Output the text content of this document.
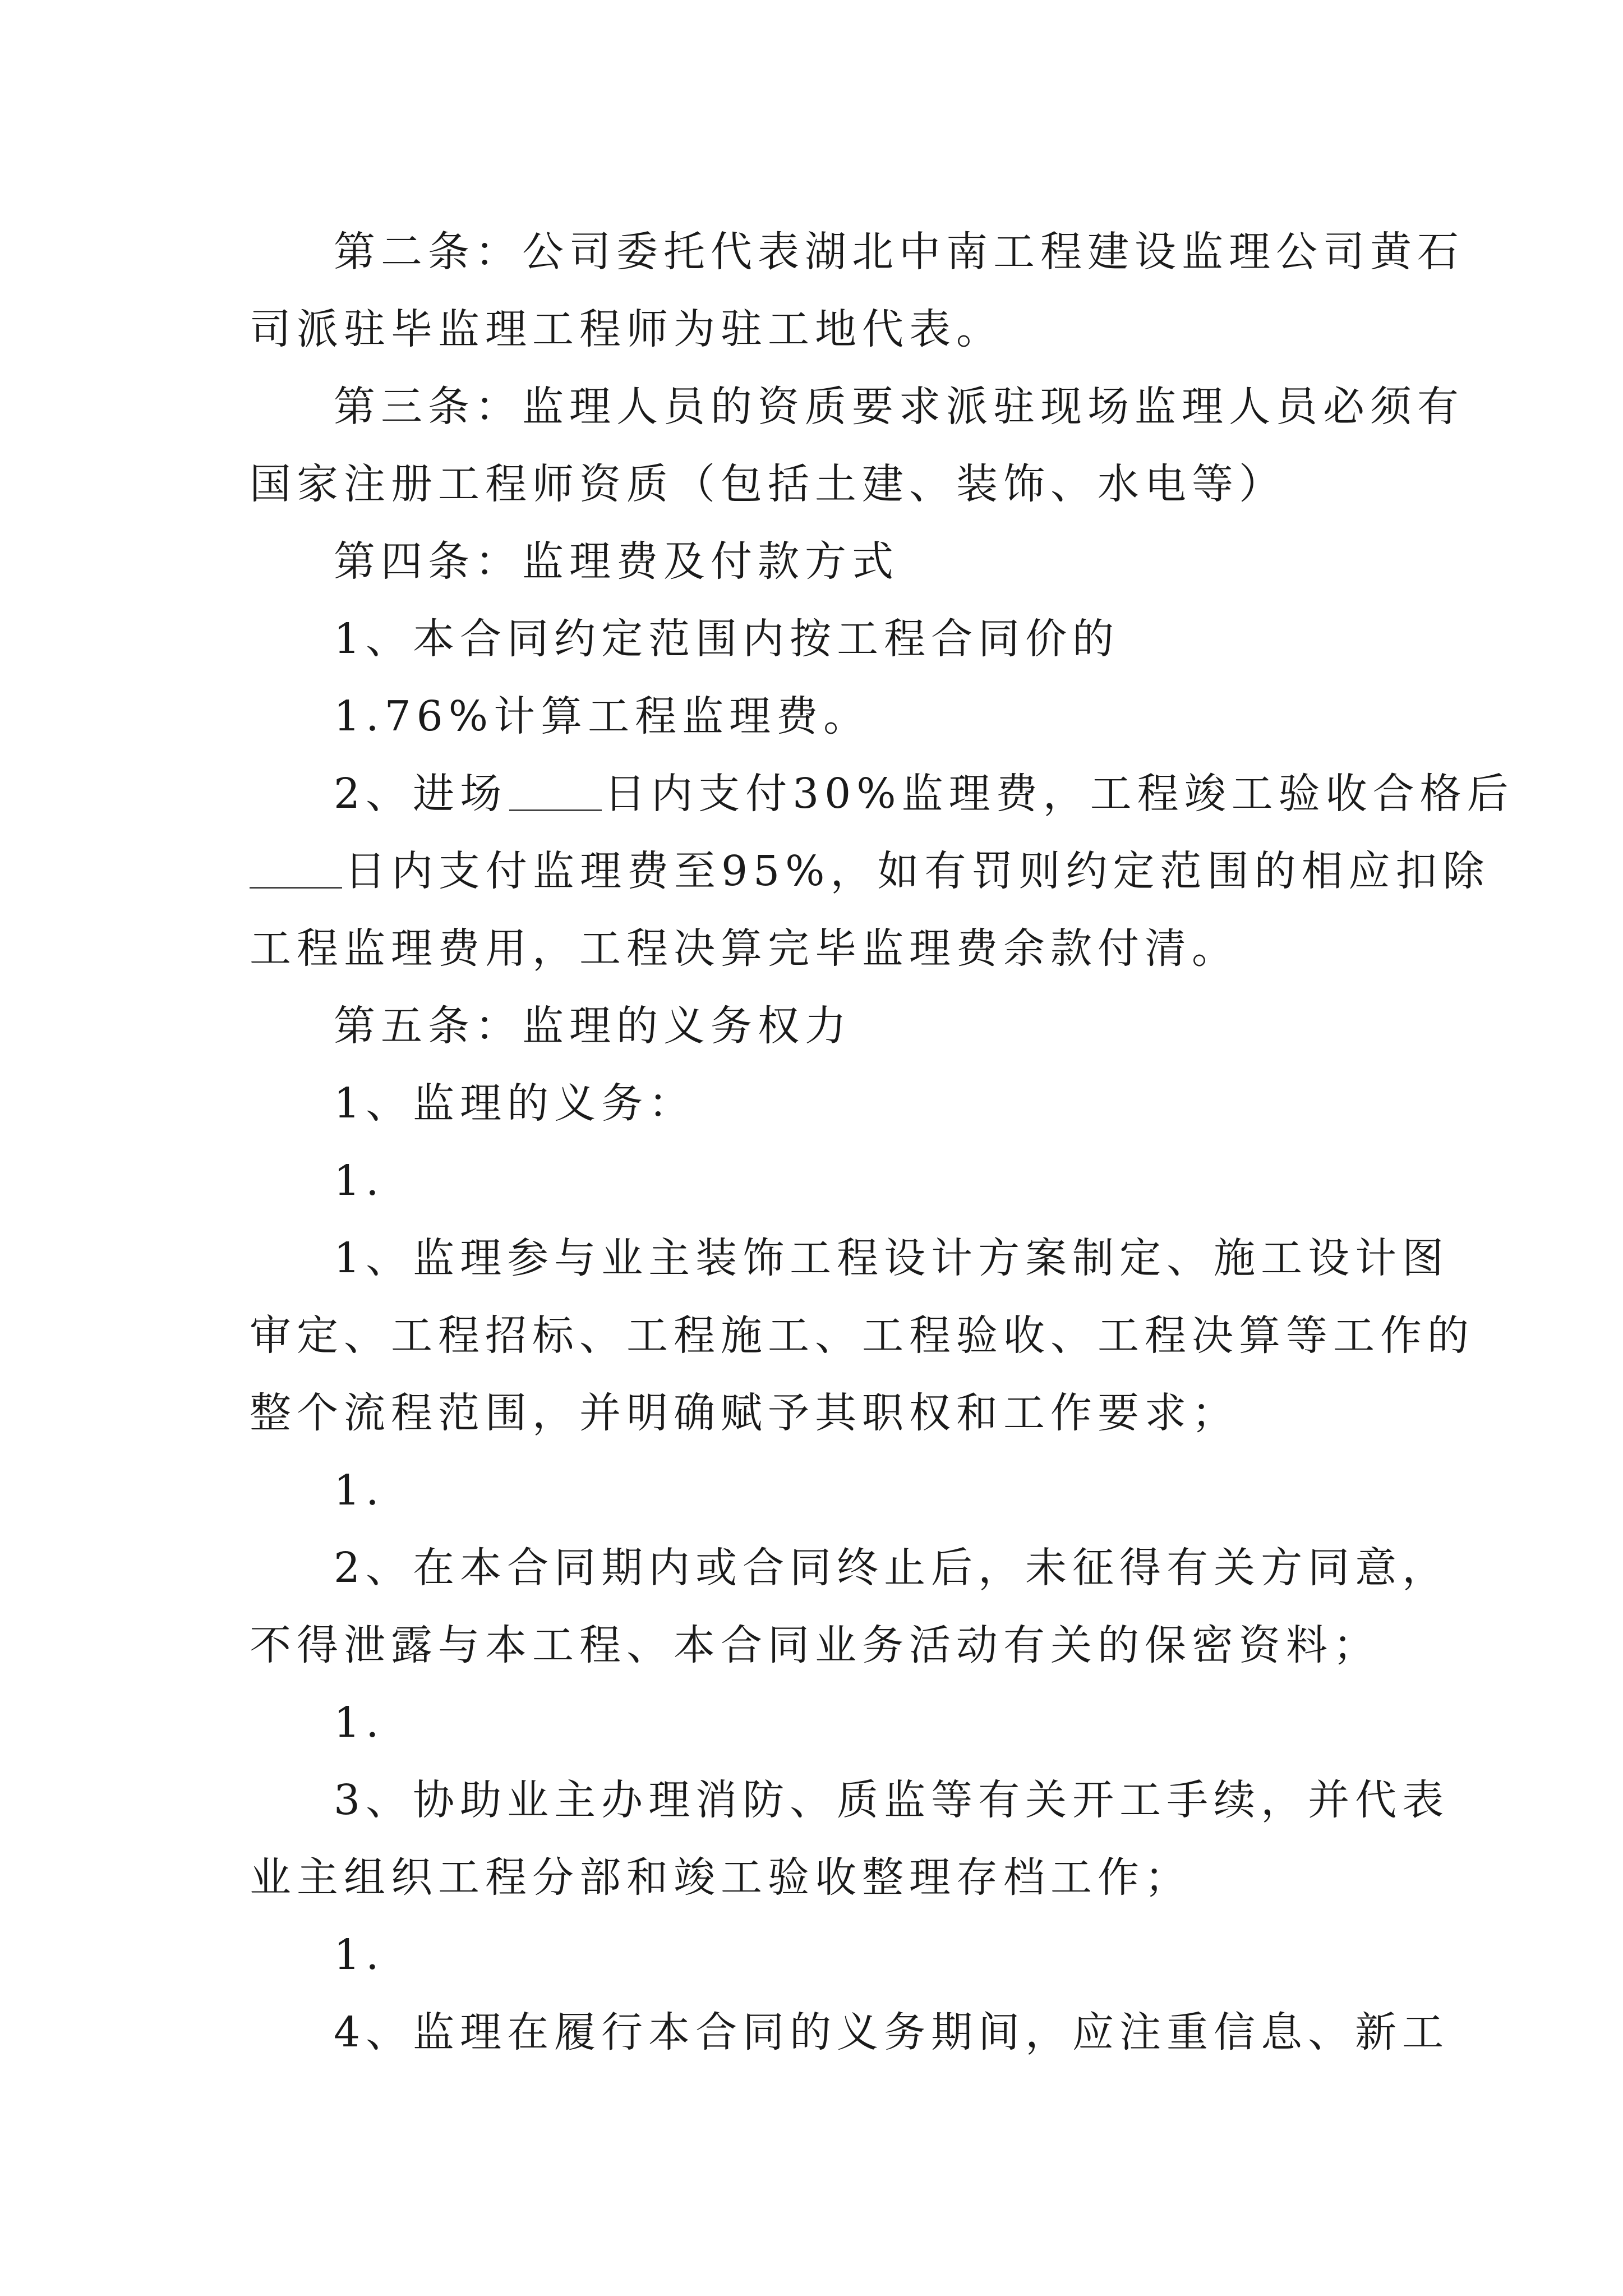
第二条：公司委托代表湖北中南工程建设监理公司黄石
司派驻毕监理工程师为驻工地代表。
第三条：监理人员的资质要求派驻现场监理人员必须有
国家注册工程师资质（包括土建、装饰、水电等）
第四条：监理费及付款方式
1、本合同约定范围内按工程合同价的
1.76%计算工程监理费。
2、进场 日内支付30%监理费，工程竣工验收合格后
日内支付监理费至95%，如有罚则约定范围的相应扣除
工程监理费用，工程决算完毕监理费余款付清。
第五条：监理的义务权力
1、监理的义务：
1.
1、监理参与业主装饰工程设计方案制定、施工设计图
审定、工程招标、工程施工、工程验收、工程决算等工作的
整个流程范围，并明确赋予其职权和工作要求；
1.
2、在本合同期内或合同终止后，未征得有关方同意，
不得泄露与本工程、本合同业务活动有关的保密资料；
1.
3、协助业主办理消防、质监等有关开工手续，并代表
业主组织工程分部和竣工验收整理存档工作；
1.
4、监理在履行本合同的义务期间，应注重信息、新工
